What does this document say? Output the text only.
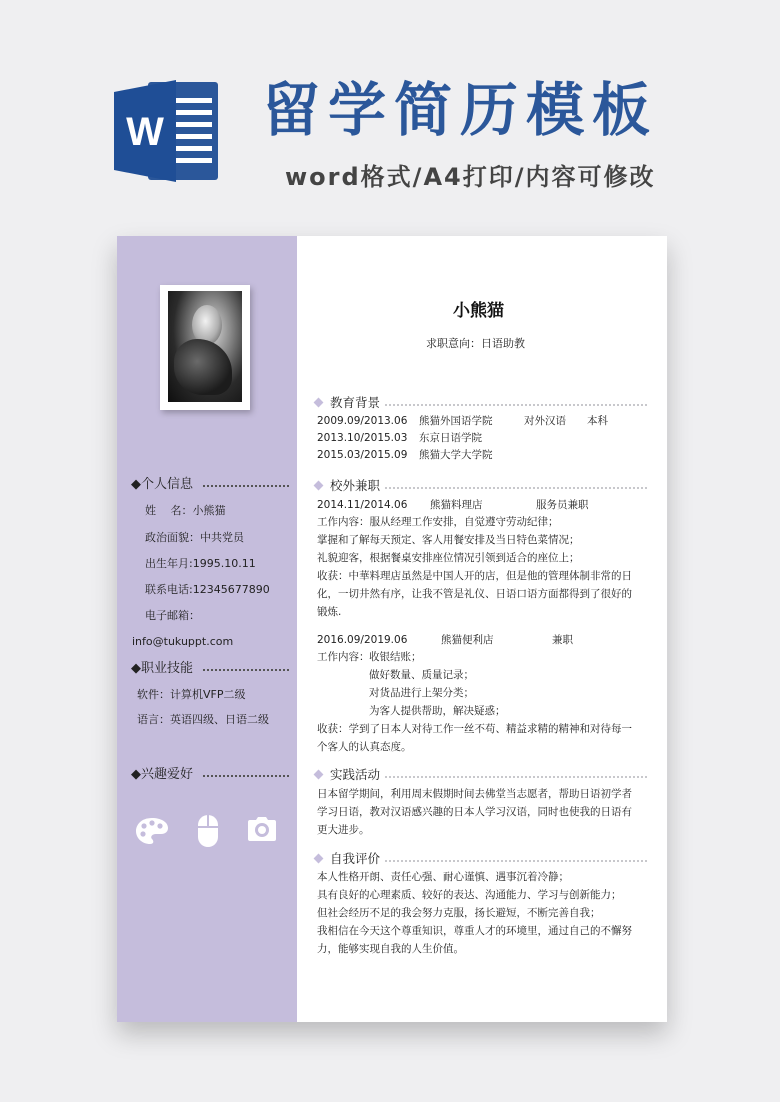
W 留学简历模板
word格式/A4打印/内容可修改
◆个人信息
姓　 名：小熊猫
政治面貌：中共党员
出生年月:1995.10.11
联系电话:12345677890
电子邮箱：
info@tukuppt.com
◆职业技能
软件：计算机VFP二级
语言：英语四级、日语二级
◆兴趣爱好
小熊猫
求职意向：日语助教
教育背景
2009.09/2013.06 熊猫外国语学院	对外汉语 本科
2013.10/2015.03 东京日语学院
2015.03/2015.09 熊猫大学大学院
校外兼职
2014.11/2014.06 熊猫料理店	服务员兼职
工作内容：服从经理工作安排，自觉遵守劳动纪律；
掌握和了解每天预定、客人用餐安排及当日特色菜情况；
礼貌迎客，根据餐桌安排座位情况引领到适合的座位上；
收获：中華料理店虽然是中国人开的店，但是他的管理体制非常的日
化，一切井然有序，让我不管是礼仪、日语口语方面都得到了很好的
锻炼.
2016.09/2019.06	熊猫便利店	兼职
工作内容： 收银结账；
做好数量、质量记录；
对货品进行上架分类；
为客人提供帮助，解决疑惑；
收获：学到了日本人对待工作一丝不苟、精益求精的精神和对待每一
个客人的认真态度。
实践活动
日本留学期间，利用周末假期时间去佛堂当志愿者，帮助日语初学者
学习日语，教对汉语感兴趣的日本人学习汉语，同时也使我的日语有
更大进步。
自我评价
本人性格开朗、责任心强、耐心谨慎、遇事沉着冷静；
具有良好的心理素质、较好的表达、沟通能力、学习与创新能力；
但社会经历不足的我会努力克服，扬长避短，不断完善自我；
我相信在今天这个尊重知识，尊重人才的环境里，通过自己的不懈努
力，能够实现自我的人生价值。
